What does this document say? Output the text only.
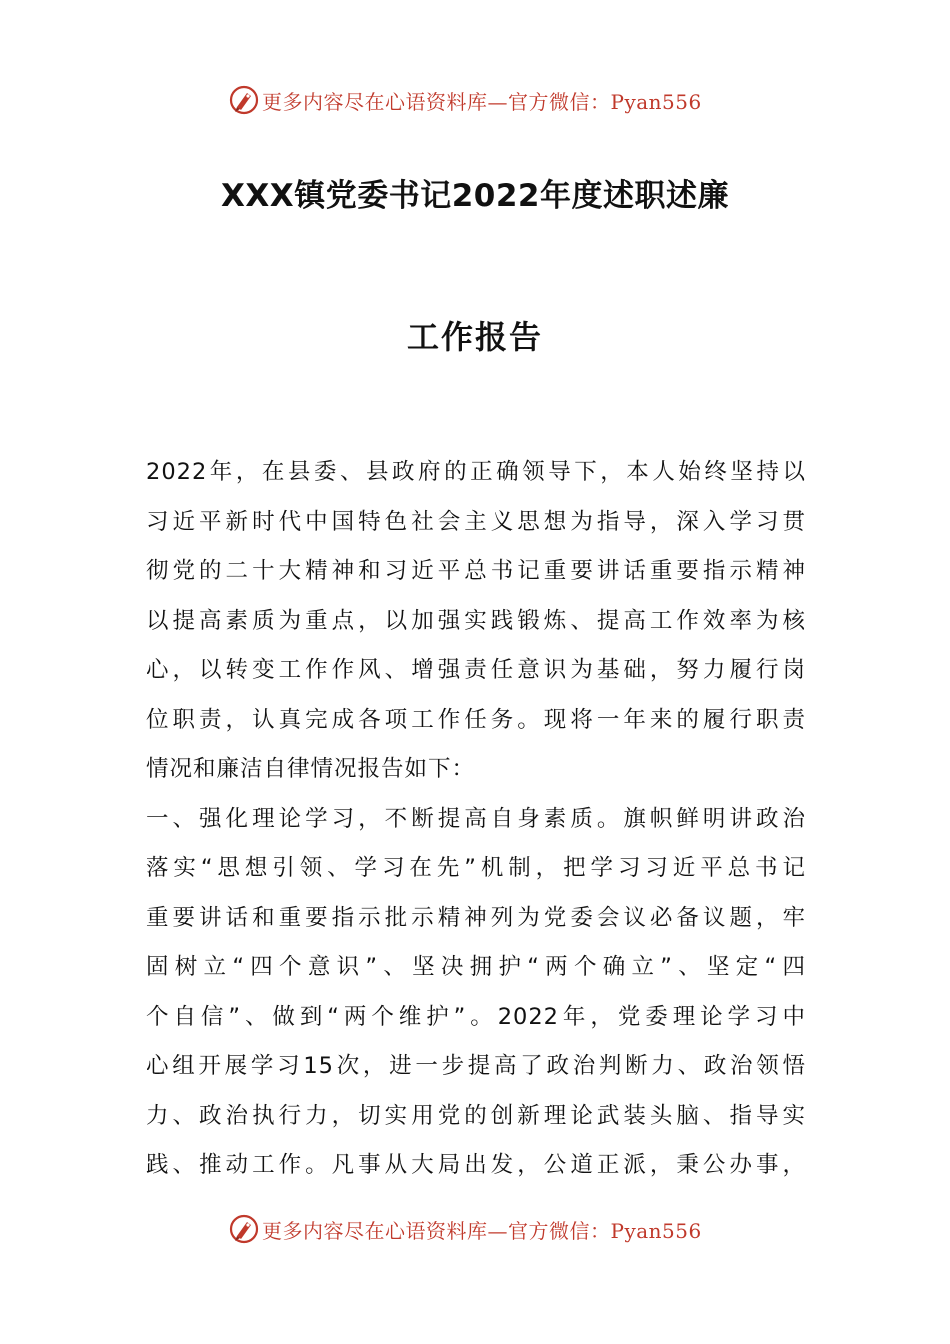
更多内容尽在心语资料库—官方微信：Pyan556
XXX镇党委书记2022年度述职述廉
工作报告
2022年，在县委、县政府的正确领导下，本人始终坚持以
习近平新时代中国特色社会主义思想为指导，深入学习贯
彻党的二十大精神和习近平总书记重要讲话重要指示精神
以提高素质为重点，以加强实践锻炼、提高工作效率为核
心，以转变工作作风、增强责任意识为基础，努力履行岗
位职责，认真完成各项工作任务。现将一年来的履行职责
情况和廉洁自律情况报告如下：
一、强化理论学习，不断提高自身素质。旗帜鲜明讲政治
落实“思想引领、学习在先”机制，把学习习近平总书记
重要讲话和重要指示批示精神列为党委会议必备议题，牢
固树立“四个意识”、坚决拥护“两个确立”、坚定“四
个自信”、做到“两个维护”。2022年，党委理论学习中
心组开展学习15次，进一步提高了政治判断力、政治领悟
力、政治执行力，切实用党的创新理论武装头脑、指导实
践、推动工作。凡事从大局出发，公道正派，秉公办事，
更多内容尽在心语资料库—官方微信：Pyan556
